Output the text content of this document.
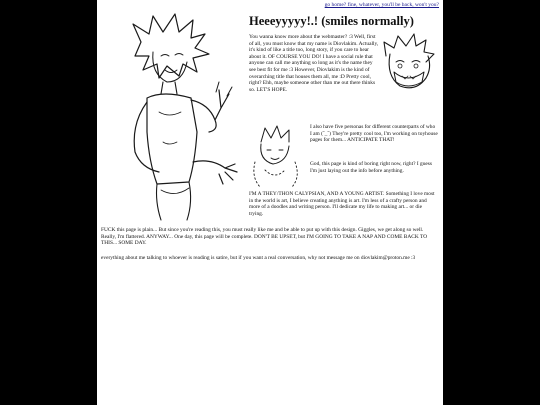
go home? fine, whatever, you'll be back, won't you?
Heeeyyyyy!.! (smiles normally)

You wanna know more about the webmaster? :3 Well, first of all, you must know that my name is Diovlakim. Actually, it's kind of like a title too, long story, if you care to hear about it. OF COURSE YOU DO! I have a social rule that anyone can call me anything so long as it's the name they see best fit for me :3 However, Diovlakim is the kind of overarching title that houses them all, me :D Pretty cool, right? Ehh, maybe someone other than me out there thinks so. LET'S HOPE.

I also have five personas for different counterparts of who I am (ˆ_ˆ) They're pretty cool too, I'm working on toyhouse pages for them... ANTICIPATE THAT!

God, this page is kind of boring right now, right? I guess I'm just laying out the info before anything.

I'M A THEY/THON CALYPSIAN, AND A YOUNG ARTIST. Something I love most in the world is art, I believe creating anything is art. I'm less of a crafty person and more of a doodles and writing person. I'll dedicate my life to making art... or die trying.

FUCK this page is plain... But since you're reading this, you must really like me and be able to put up with this design. Giggles, we get along so well. Really, I'm flattered. ANYWAY... One day, this page will be complete. DON'T BE UPSET, but I'M GOING TO TAKE A NAP AND COME BACK TO THIS... SOME DAY.

everything about me talking to whoever is reading is satire, but if you want a real conversation, why not message me on diovlakim@proton.me :3
